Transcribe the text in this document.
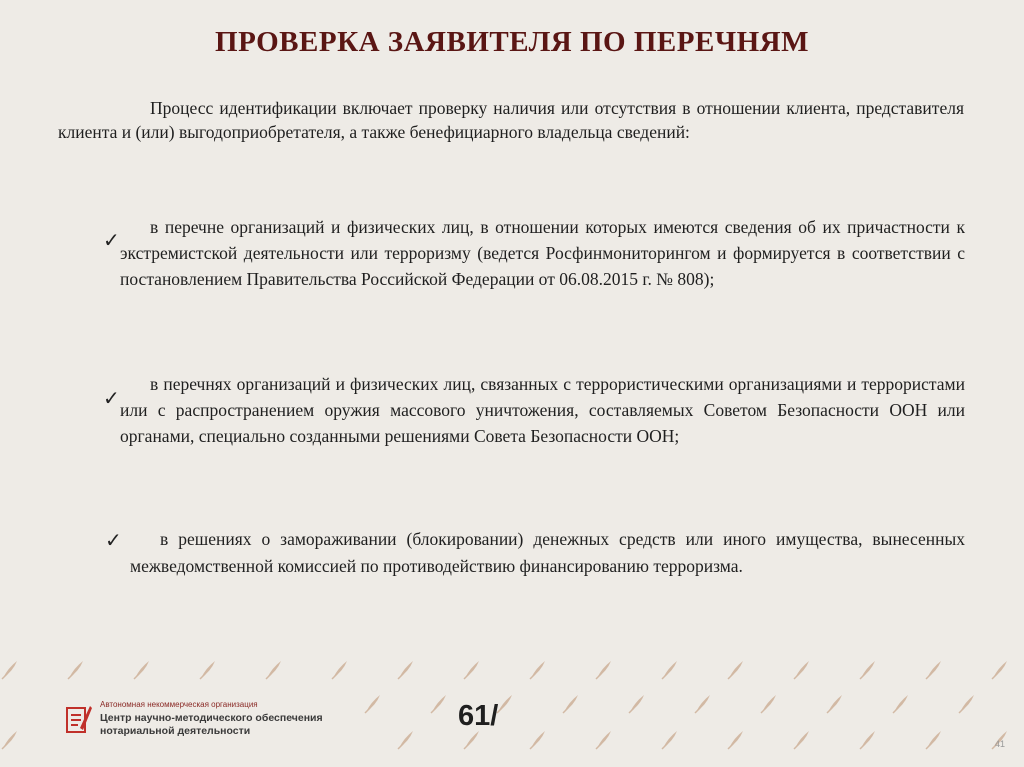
ПРОВЕРКА ЗАЯВИТЕЛЯ ПО ПЕРЕЧНЯМ
Процесс идентификации включает проверку наличия или отсутствия в отношении клиента, представителя клиента и (или) выгодоприобретателя, а также бенефициарного владельца сведений:
✓
в перечне организаций и физических лиц, в отношении которых имеются сведения об их причастности к экстремистской деятельности или терроризму (ведется Росфинмониторингом и формируется в соответствии с постановлением Правительства Российской Федерации от 06.08.2015 г. № 808);
✓
в перечнях организаций и физических лиц, связанных с террористическими организациями и террористами или с распространением оружия массового уничтожения, составляемых Советом Безопасности ООН или органами, специально созданными решениями Совета Безопасности ООН;
✓	в решениях о замораживании (блокировании) денежных средств или иного имущества, вынесенных межведомственной комиссией по противодействию финансированию терроризма.
Автономная некоммерческая организация
Центр научно-методического обеспечения
нотариальной деятельности	61/
41
